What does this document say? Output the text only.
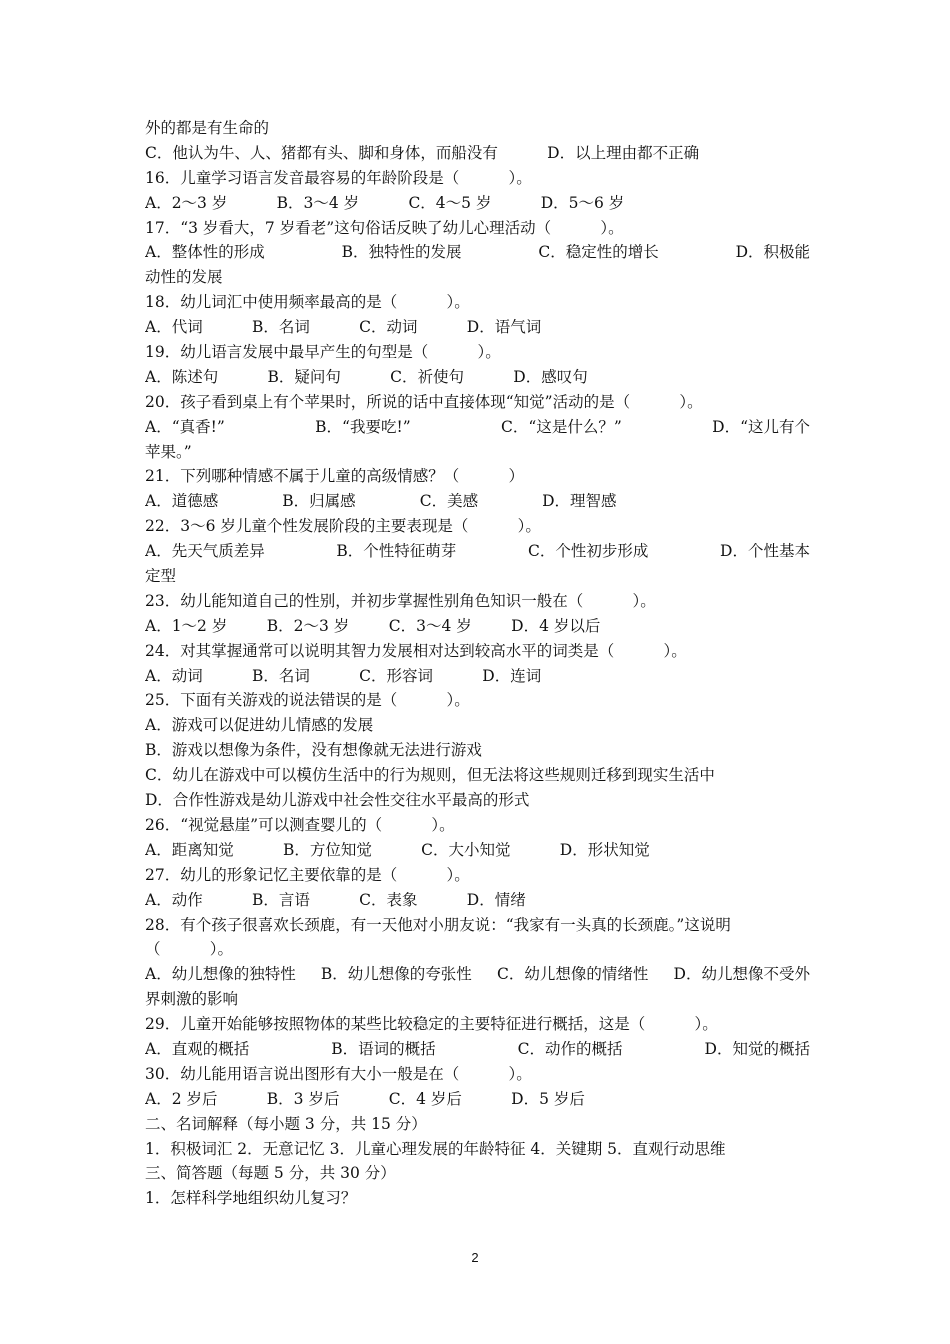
外的都是有生命的
C．他认为牛、人、猪都有头、脚和身体，而船没有 D．以上理由都不正确
16．儿童学习语言发音最容易的年龄阶段是（          ）。
A．2～3 岁 B．3～4 岁 C．4～5 岁 D．5～6 岁
17．“3 岁看大，7 岁看老”这句俗话反映了幼儿心理活动（          ）。
A．整体性的形成	B．独特性的发展	C．稳定性的增长	D．积极能
动性的发展
18．幼儿词汇中使用频率最高的是（          ）。
A．代词 B．名词 C．动词 D．语气词
19．幼儿语言发展中最早产生的句型是（          ）。
A．陈述句 B．疑问句 C．祈使句 D．感叹句
20．孩子看到桌上有个苹果时，所说的话中直接体现“知觉”活动的是（          ）。
A．“真香!”	B．“我要吃!”	C．“这是什么？”	D．“这儿有个
苹果。”
21．下列哪种情感不属于儿童的高级情感？（          ）
A．道德感 B．归属感 C．美感 D．理智感
22．3～6 岁儿童个性发展阶段的主要表现是（          ）。
A．先天气质差异	B．个性特征萌芽	C．个性初步形成	D．个性基本
定型
23．幼儿能知道自己的性别，并初步掌握性别角色知识一般在（          ）。
A．1～2 岁 B．2～3 岁 C．3～4 岁 D．4 岁以后
24．对其掌握通常可以说明其智力发展相对达到较高水平的词类是（          ）。
A．动词 B．名词 C．形容词 D．连词
25．下面有关游戏的说法错误的是（          ）。
A．游戏可以促进幼儿情感的发展
B．游戏以想像为条件，没有想像就无法进行游戏
C．幼儿在游戏中可以模仿生活中的行为规则，但无法将这些规则迁移到现实生活中
D．合作性游戏是幼儿游戏中社会性交往水平最高的形式
26．“视觉悬崖”可以测查婴儿的（          ）。
A．距离知觉 B．方位知觉 C．大小知觉 D．形状知觉
27．幼儿的形象记忆主要依靠的是（          ）。
A．动作 B．言语 C．表象 D．情绪
28．有个孩子很喜欢长颈鹿，有一天他对小朋友说：“我家有一头真的长颈鹿。”这说明
（          ）。
A．幼儿想像的独特性 B．幼儿想像的夸张性 C．幼儿想像的情绪性 D．幼儿想像不受外
界刺激的影响
29．儿童开始能够按照物体的某些比较稳定的主要特征进行概括，这是（          ）。
A．直观的概括	B．语词的概括	C．动作的概括	D．知觉的概括
30．幼儿能用语言说出图形有大小一般是在（          ）。
A．2 岁后 B．3 岁后 C．4 岁后 D．5 岁后
二、名词解释（每小题 3 分，共 15 分）
1．积极词汇 2．无意记忆 3．儿童心理发展的年龄特征 4．关键期 5．直观行动思维
三、简答题（每题 5 分，共 30 分）
1．怎样科学地组织幼儿复习？
2
